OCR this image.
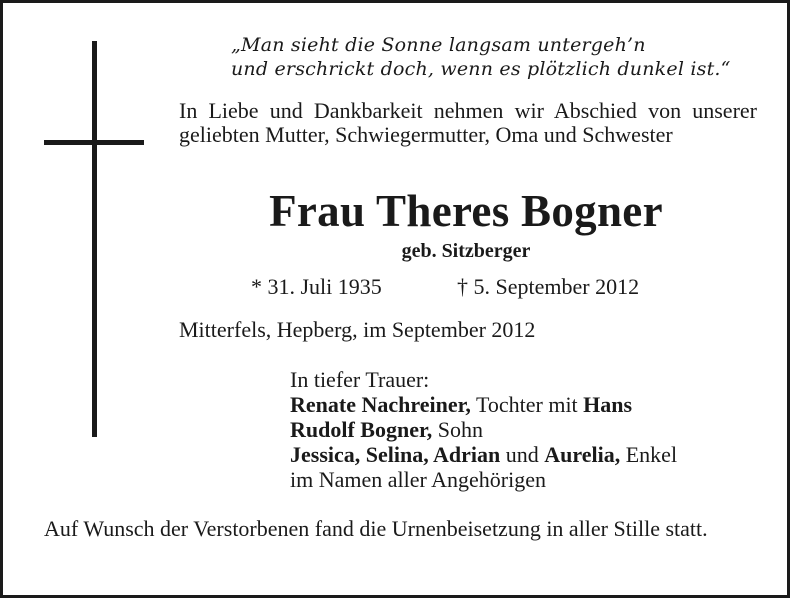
„Man sieht die Sonne langsam untergeh’n
und erschrickt doch, wenn es plötzlich dunkel ist.“
In Liebe und Dankbarkeit nehmen wir Abschied von unserer geliebten Mutter, Schwiegermutter, Oma und Schwester
Frau Theres Bogner
geb. Sitzberger
* 31. Juli 1935	† 5. September 2012
Mitterfels, Hepberg, im September 2012
In tiefer Trauer:
Renate Nachreiner, Tochter mit Hans
Rudolf Bogner, Sohn
Jessica, Selina, Adrian und Aurelia, Enkel
im Namen aller Angehörigen
Auf Wunsch der Verstorbenen fand die Urnenbeisetzung in aller Stille statt.
